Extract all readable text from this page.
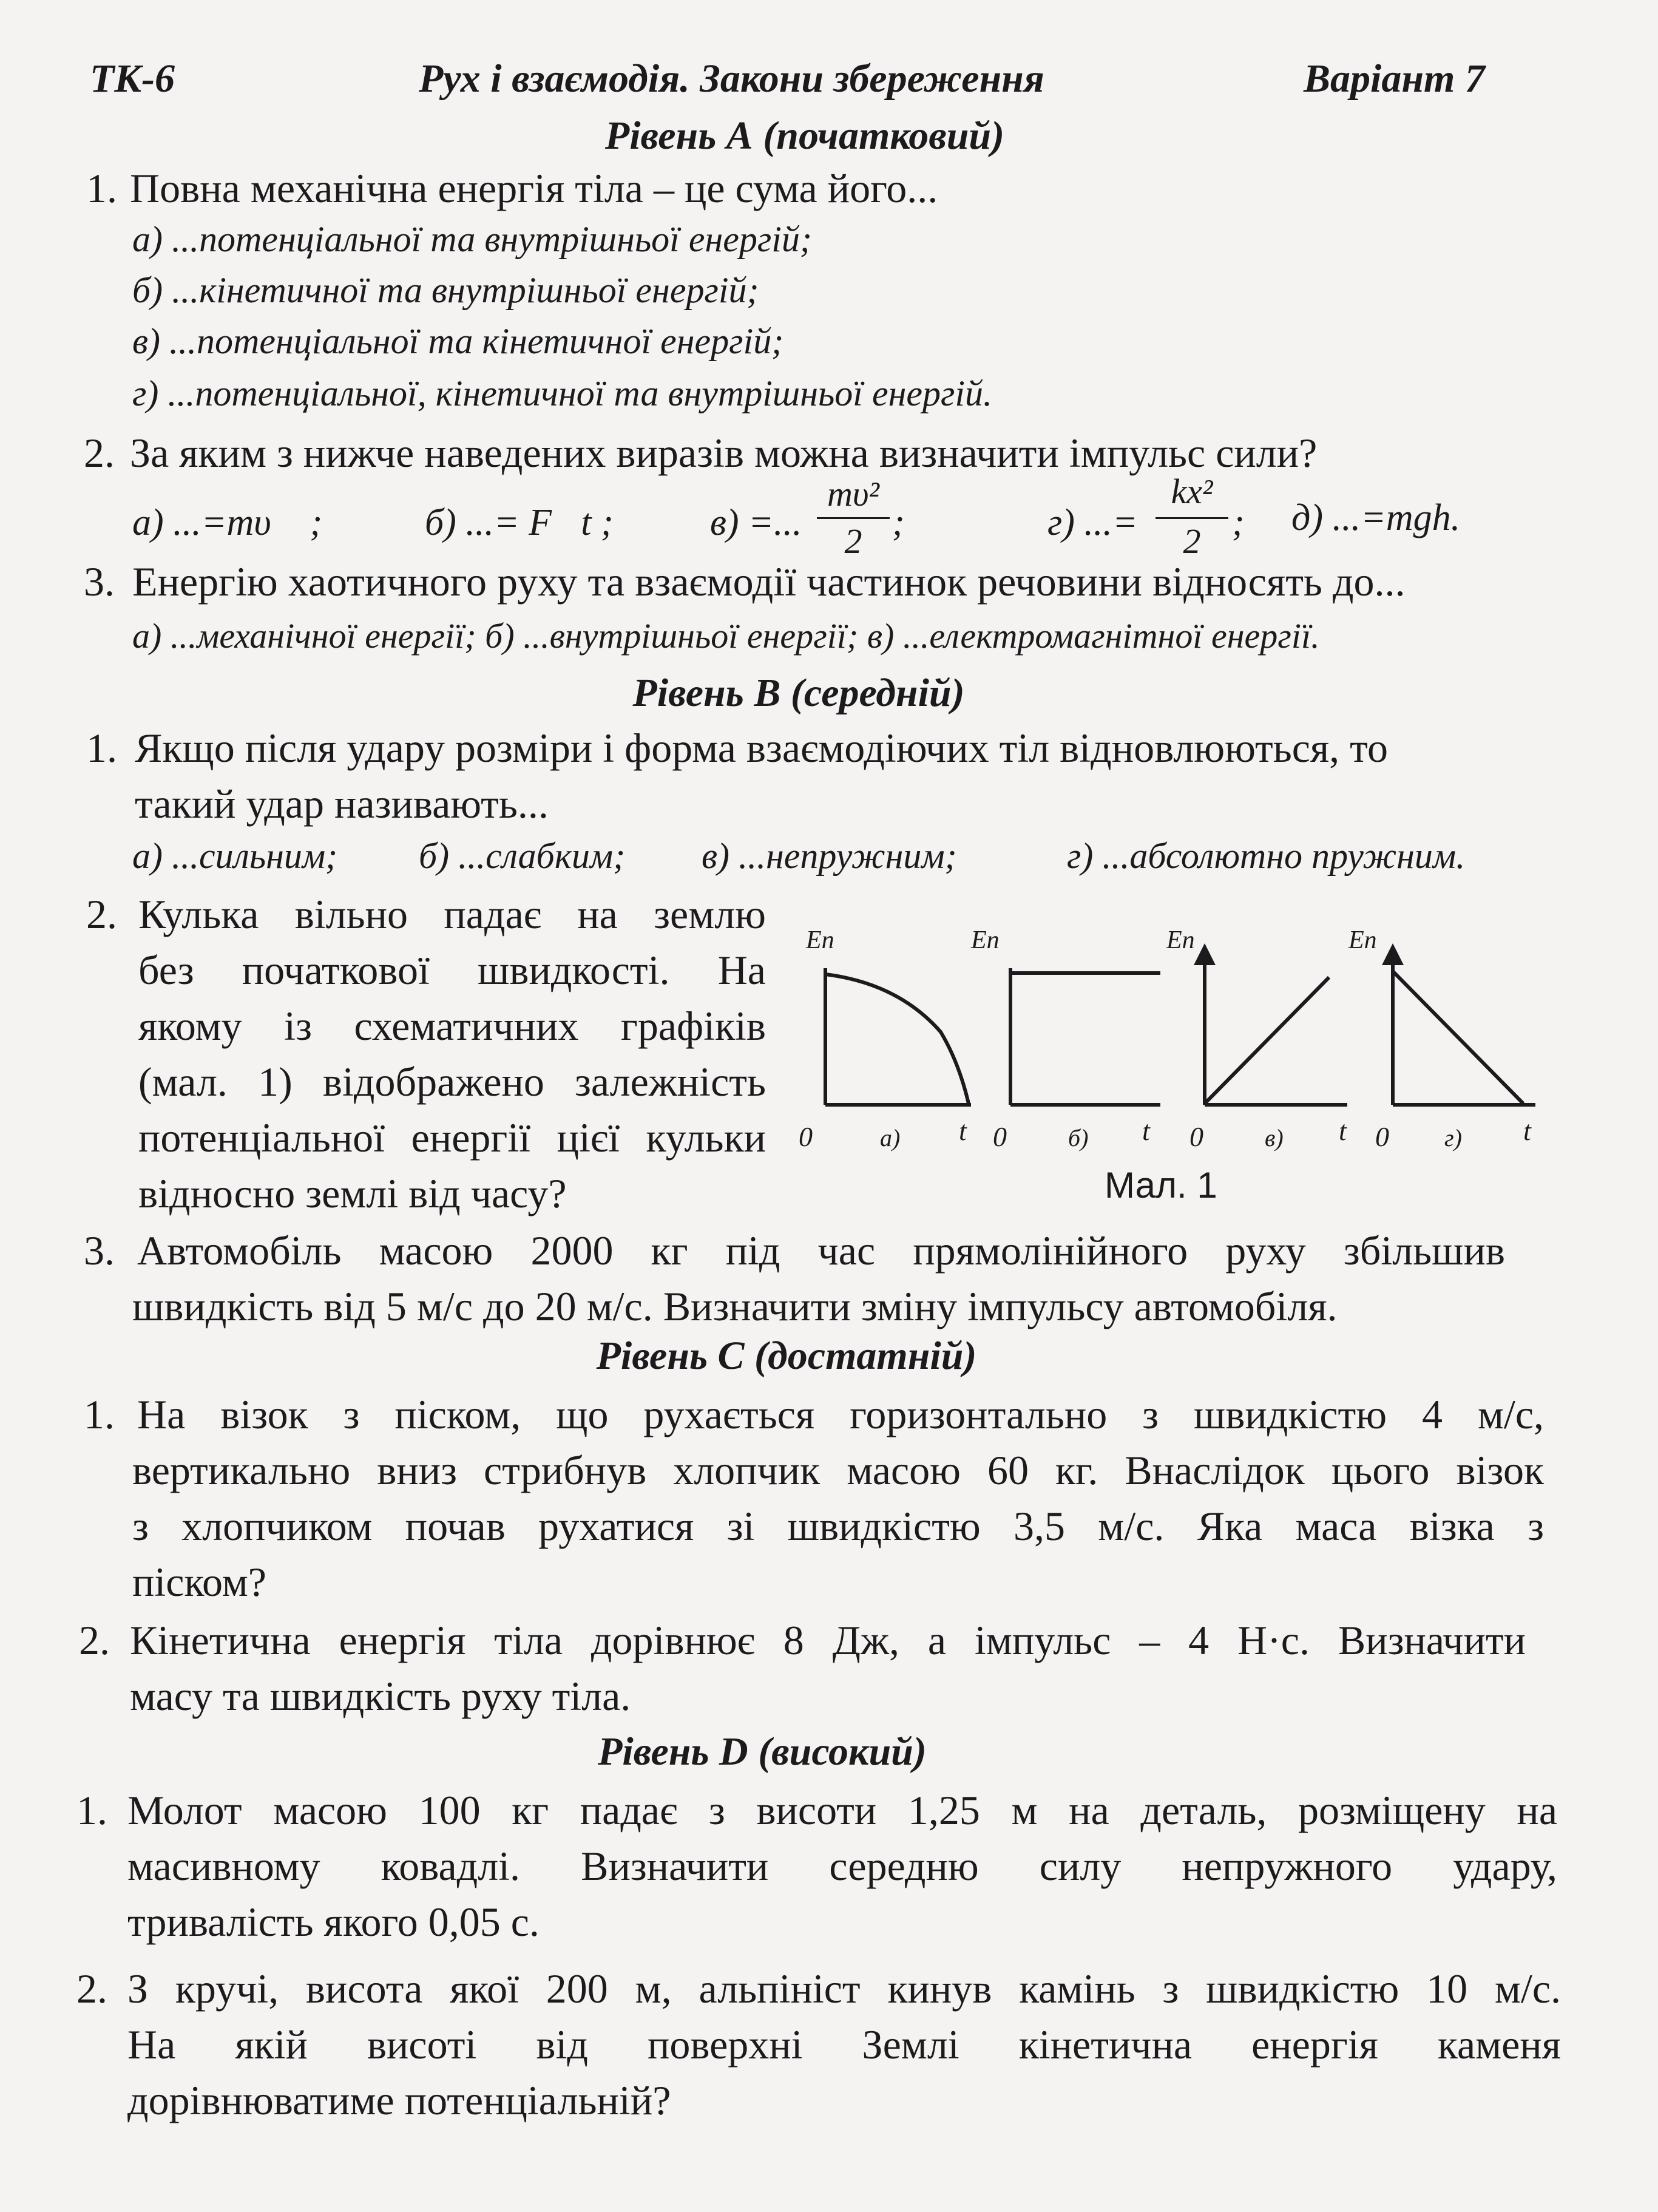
ТК-6	Рух і взаємодія. Закони збереження	Варіант 7
Рівень А (початковий)
1. Повна механічна енергія тіла – це сума його...
а) ...потенціальної та внутрішньої енергій;
б) ...кінетичної та внутрішньої енергій;
в) ...потенціальної та кінетичної енергій;
г) ...потенціальної, кінетичної та внутрішньої енергій.
2. За яким з нижче наведених виразів можна визначити імпульс сили?
а) ...=mυ⃗ ;	б) ...= F⃗t ;	в) =...
mυ²
2 ;	г) ...=
kx²
2 ; д) ...=mgh.
3. Енергію хаотичного руху та взаємодії частинок речовини відносять до...
а) ...механічної енергії; б) ...внутрішньої енергії; в) ...електромагнітної енергії.
Рівень В (середній)
1. Якщо після удару розміри і форма взаємодіючих тіл відновлюються, то
такий удар називають...
а) ...сильним; б) ...слабким; в) ...непружним;	г) ...абсолютно пружним.
2. Кулька вільно падає на землю
без початкової швидкості. На
якому із схематичних графіків
(мал. 1) відображено залежність
потенціальної енергії цієї кульки
відносно землі від часу?
Eп
0	t
а)
Eп
0	t
б)
Eп
0	t
в)
Eп
0	t
г)
Мал. 1
3. Автомобіль масою 2000 кг під час прямолінійного руху збільшив
швидкість від 5 м/с до 20 м/с. Визначити зміну імпульсу автомобіля.
Рівень С (достатній)
1. На візок з піском, що рухається горизонтально з швидкістю 4 м/с,
вертикально вниз стрибнув хлопчик масою 60 кг. Внаслідок цього візок
з хлопчиком почав рухатися зі швидкістю 3,5 м/с. Яка маса візка з
піском?
2. Кінетична енергія тіла дорівнює 8 Дж, а імпульс – 4 Н·с. Визначити
масу та швидкість руху тіла.
Рівень D (високий)
1. Молот масою 100 кг падає з висоти 1,25 м на деталь, розміщену на
масивному ковадлі. Визначити середню силу непружного удару,
тривалість якого 0,05 с.
2. З кручі, висота якої 200 м, альпініст кинув камінь з швидкістю 10 м/с.
На якій висоті від поверхні Землі кінетична енергія каменя
дорівнюватиме потенціальній?
